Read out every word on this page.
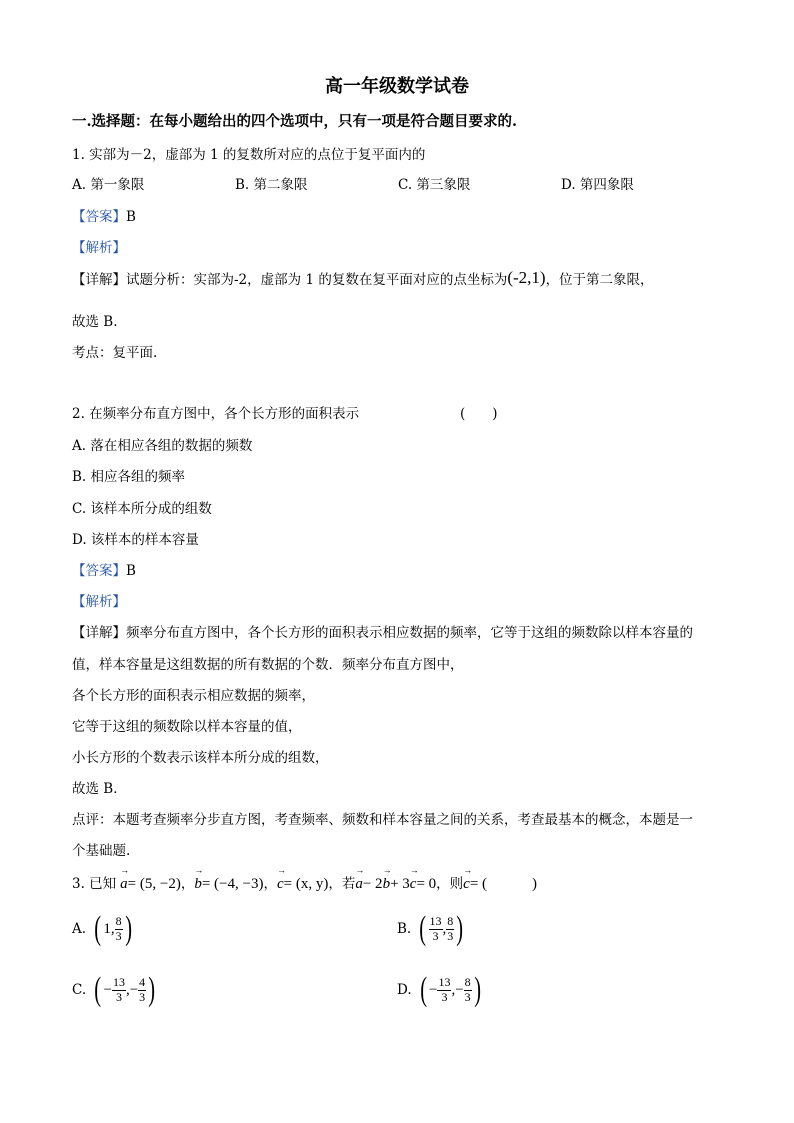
高一年级数学试卷
一.选择题：在每小题给出的四个选项中，只有一项是符合题目要求的.
1. 实部为－2，虚部为 1 的复数所对应的点位于复平面内的
A. 第一象限	B. 第二象限	C. 第三象限	D. 第四象限
【答案】B
【解析】
【详解】 试题分析：实部为-2，虚部为 1 的复数在复平面对应的点坐标为 (-2,1) ，位于第二象限，
故选 B.
考点：复平面.
2. 在频率分布直方图中，各个长方形的面积表示	(　　)
A. 落在相应各组的数据的频数
B. 相应各组的频率
C. 该样本所分成的组数
D. 该样本的样本容量
【答案】B
【解析】
【详解】频率分布直方图中，各个长方形的面积表示相应数据的频率，它等于这组的频数除以样本容量的
值，样本容量是这组数据的所有数据的个数．频率分布直方图中，
各个长方形的面积表示相应数据的频率，
它等于这组的频数除以样本容量的值，
小长方形的个数表示该样本所分成的组数，
故选 B．
点评：本题考查频率分步直方图，考查频率、频数和样本容量之间的关系，考查最基本的概念，本题是一
个基础题.
3. 已知 → a = (5, −2) ， → b = (−4, −3) ， → c = (x, y) ，若 → a − 2 → b + 3 → c = 0 ，则 → c = (　　　)
A. ( 1, $\frac{8}{3}$ )	B. ( $\frac{13}{3}$ , $\frac{8}{3}$ )
C. ( − $\frac{13}{3}$ ,− $\frac{4}{3}$ )	D. ( − $\frac{13}{3}$ ,− $\frac{8}{3}$ )
